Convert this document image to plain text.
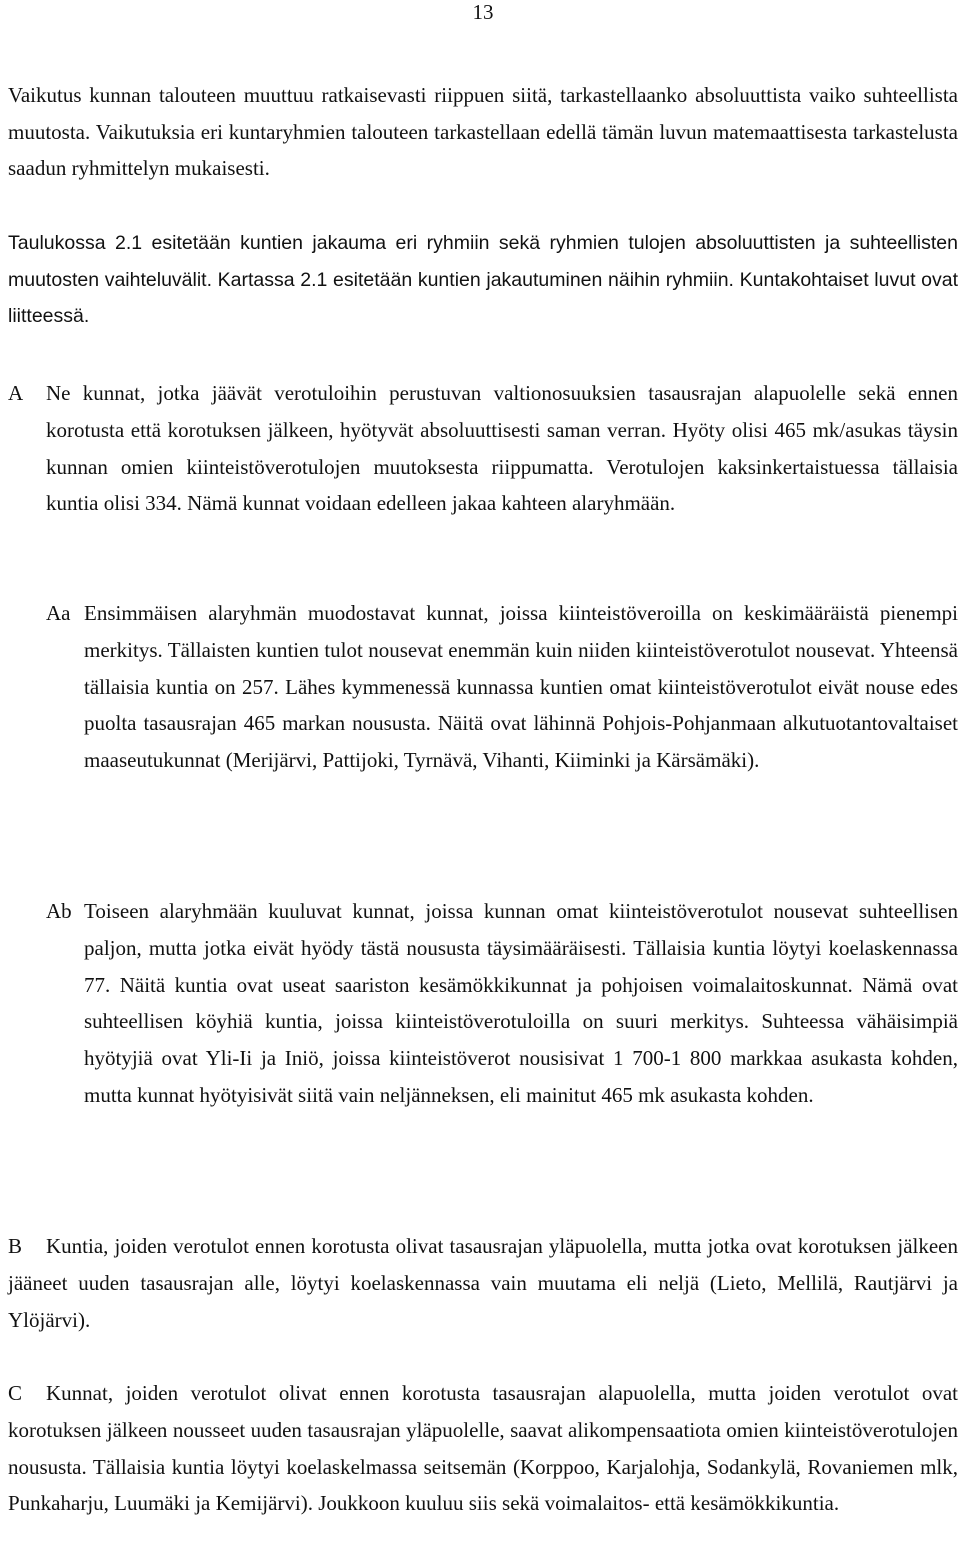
13

Vaikutus kunnan talouteen muuttuu ratkaisevasti riippuen siitä, tarkastellaanko absoluuttista vaiko suhteellista muutosta. Vaikutuksia eri kuntaryhmien talouteen tarkastellaan edellä tämän luvun matemaattisesta tarkastelusta saadun ryhmittelyn mukaisesti.

Taulukossa 2.1 esitetään kuntien jakauma eri ryhmiin sekä ryhmien tulojen absoluuttisten ja suhteellisten muutosten vaihteluvälit. Kartassa 2.1 esitetään kuntien jakautuminen näihin ryhmiin. Kuntakohtaiset luvut ovat liitteessä.

A Ne kunnat, jotka jäävät verotuloihin perustuvan valtionosuuksien tasausrajan alapuolelle sekä ennen korotusta että korotuksen jälkeen, hyötyvät absoluuttisesti saman verran. Hyöty olisi 465 mk/asukas täysin kunnan omien kiinteistöverotulojen muutoksesta riippumatta. Verotulojen kaksinkertaistuessa tällaisia kuntia olisi 334. Nämä kunnat voidaan edelleen jakaa kahteen alaryhmään.
Aa Ensimmäisen alaryhmän muodostavat kunnat, joissa kiinteistöveroilla on keskimääräistä pienempi merkitys. Tällaisten kuntien tulot nousevat enemmän kuin niiden kiinteistöverotulot nousevat. Yhteensä tällaisia kuntia on 257. Lähes kymmenessä kunnassa kuntien omat kiinteistöverotulot eivät nouse edes puolta tasausrajan 465 markan noususta. Näitä ovat lähinnä Pohjois-Pohjanmaan alkutuotantovaltaiset maaseutukunnat (Merijärvi, Pattijoki, Tyrnävä, Vihanti, Kiiminki ja Kärsämäki).
Ab Toiseen alaryhmään kuuluvat kunnat, joissa kunnan omat kiinteistöverotulot nousevat suhteellisen paljon, mutta jotka eivät hyödy tästä noususta täysimääräisesti. Tällaisia kuntia löytyi koelaskennassa 77. Näitä kuntia ovat useat saariston kesämökkikunnat ja pohjoisen voimalaitoskunnat. Nämä ovat suhteellisen köyhiä kuntia, joissa kiinteistöverotuloilla on suuri merkitys. Suhteessa vähäisimpiä hyötyjiä ovat Yli-Ii ja Iniö, joissa kiinteistöverot nousisivat 1 700-1 800 markkaa asukasta kohden, mutta kunnat hyötyisivät siitä vain neljänneksen, eli mainitut 465 mk asukasta kohden.
B	Kuntia, joiden verotulot ennen korotusta olivat tasausrajan yläpuolella, mutta jotka ovat korotuksen jälkeen jääneet uuden tasausrajan alle, löytyi koelaskennassa vain muutama eli neljä (Lieto, Mellilä, Rautjärvi ja Ylöjärvi).
C	Kunnat, joiden verotulot olivat ennen korotusta tasausrajan alapuolella, mutta joiden verotulot ovat korotuksen jälkeen nousseet uuden tasausrajan yläpuolelle, saavat alikompensaatiota omien kiinteistöverotulojen noususta. Tällaisia kuntia löytyi koelaskelmassa seitsemän (Korppoo, Karjalohja, Sodankylä, Rovaniemen mlk, Punkaharju, Luumäki ja Kemijärvi). Joukkoon kuuluu siis sekä voimalaitos- että kesämökkikuntia.
